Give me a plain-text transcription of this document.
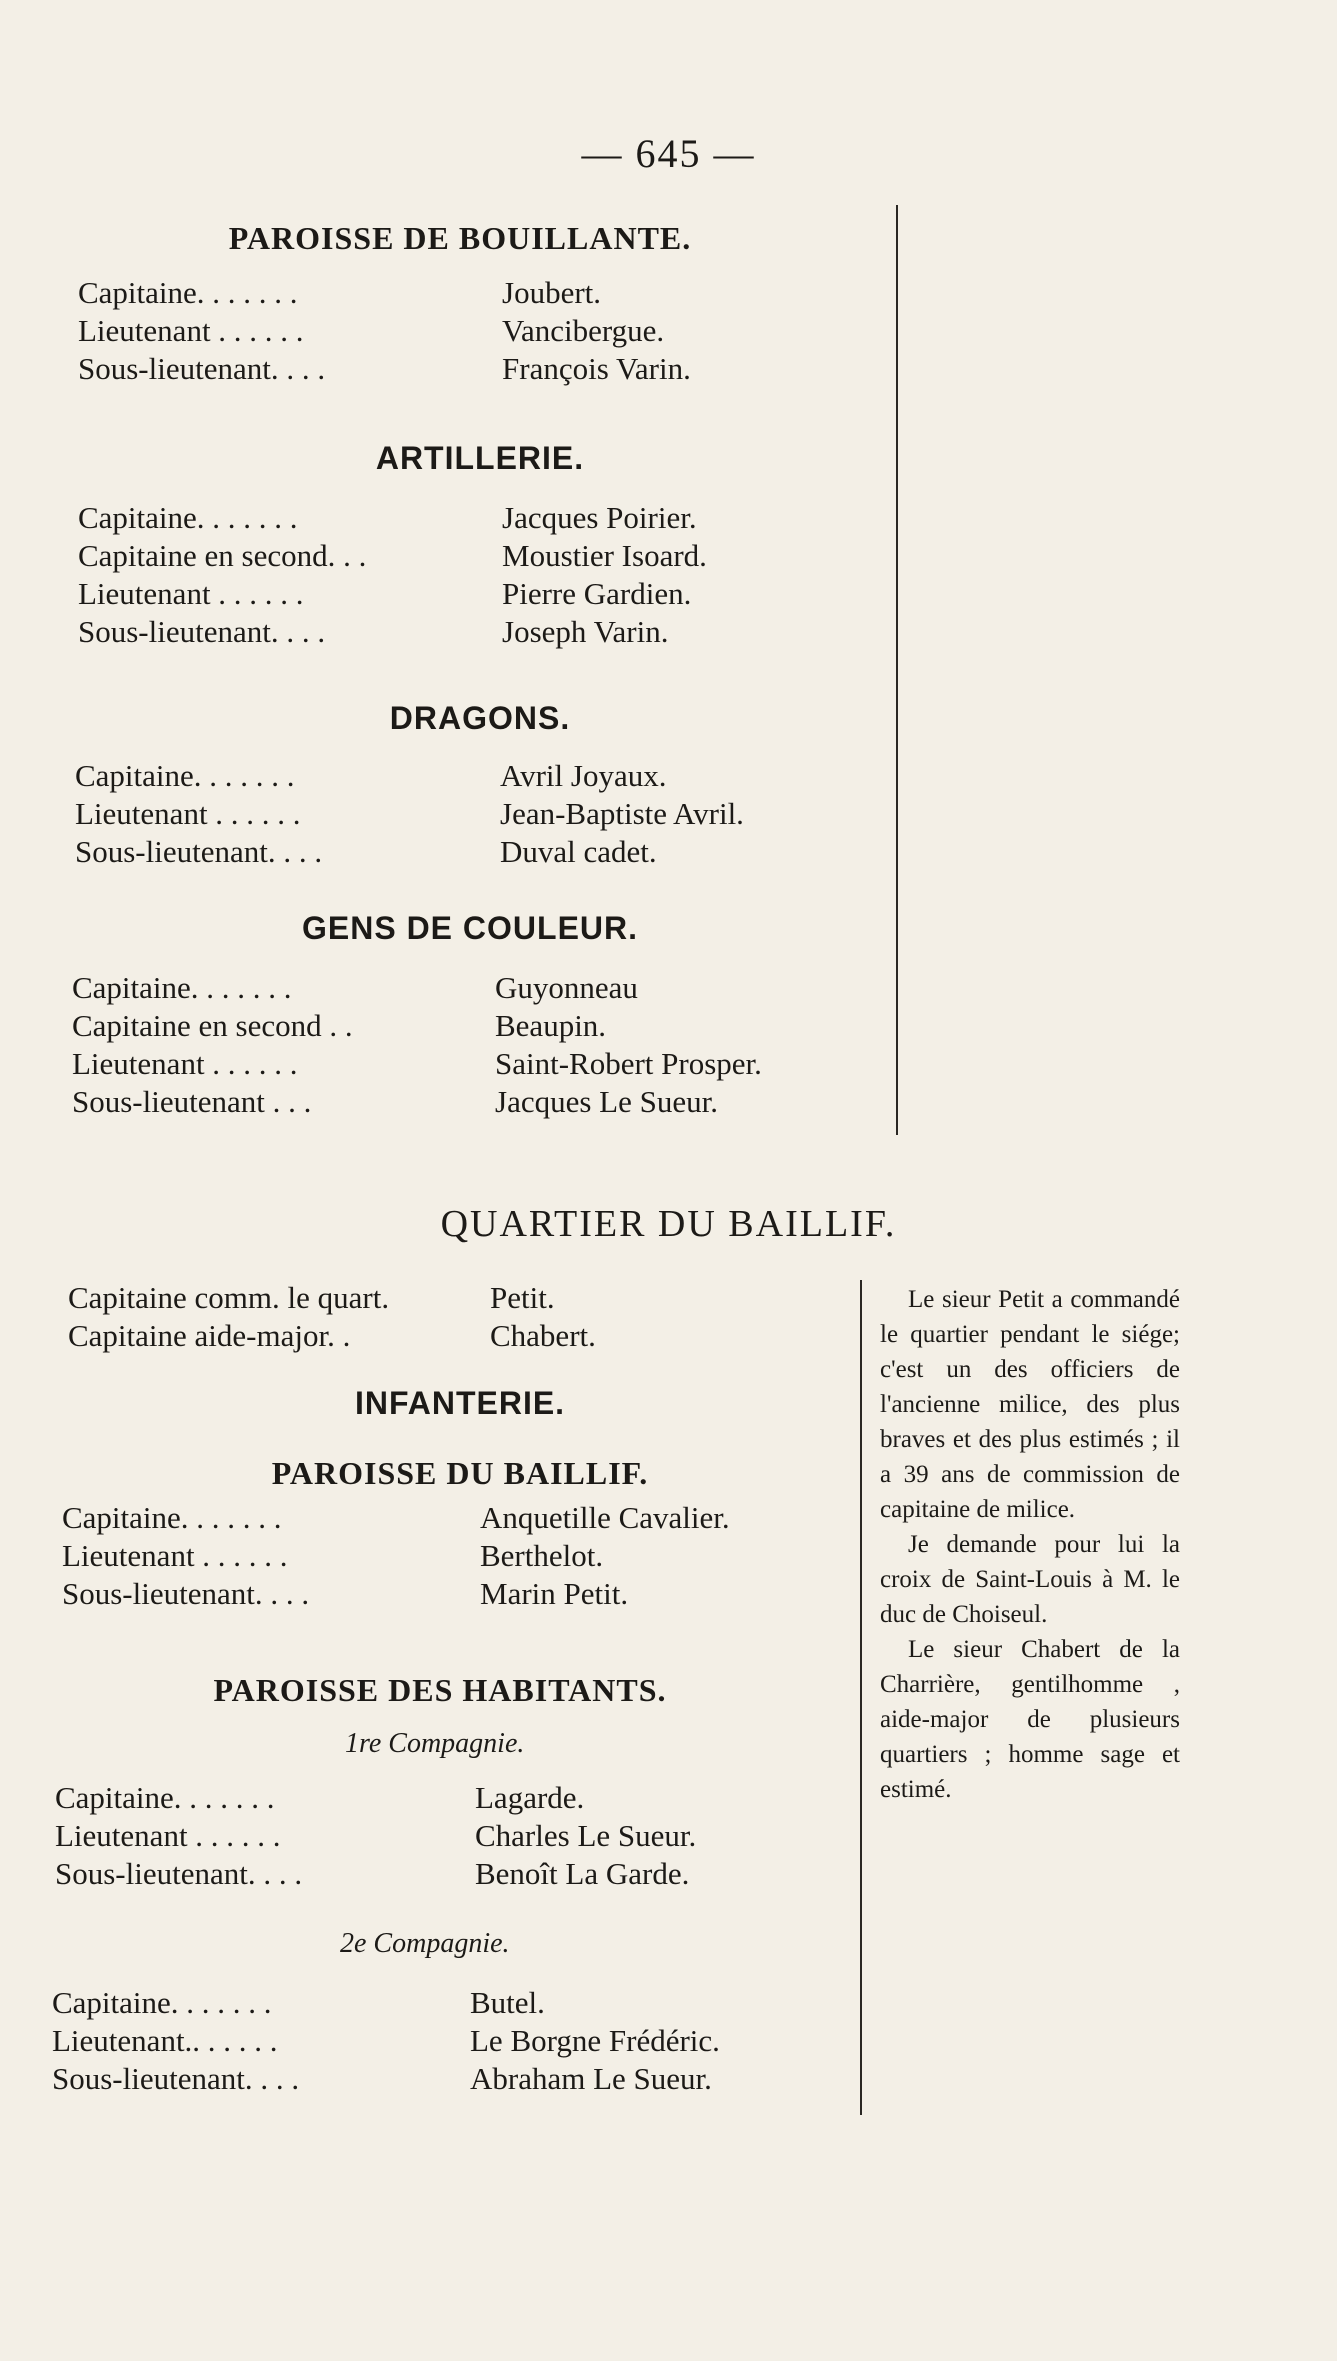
— 645 —
PAROISSE DE BOUILLANTE.
Capitaine. . . . . . .	Joubert.
Lieutenant . . . . . .	Vancibergue.
Sous-lieutenant. . . .	François Varin.
ARTILLERIE.
Capitaine. . . . . . .	Jacques Poirier.
Capitaine en second. . .	Moustier Isoard.
Lieutenant . . . . . .	Pierre Gardien.
Sous-lieutenant. . . .	Joseph Varin.
DRAGONS.
Capitaine. . . . . . .	Avril Joyaux.
Lieutenant . . . . . .	Jean-Baptiste Avril.
Sous-lieutenant. . . .	Duval cadet.
GENS DE COULEUR.
Capitaine. . . . . . .	Guyonneau
Capitaine en second . .	Beaupin.
Lieutenant . . . . . .	Saint-Robert Prosper.
Sous-lieutenant . . .	Jacques Le Sueur.
QUARTIER DU BAILLIF.
Capitaine comm. le quart.	Petit.
Capitaine aide-major. .	Chabert.
INFANTERIE.
PAROISSE DU BAILLIF.
Capitaine. . . . . . .	Anquetille Cavalier.
Lieutenant . . . . . .	Berthelot.
Sous-lieutenant. . . .	Marin Petit.
PAROISSE DES HABITANTS.
1re Compagnie.
Capitaine. . . . . . .	Lagarde.
Lieutenant . . . . . .	Charles Le Sueur.
Sous-lieutenant. . . .	Benoît La Garde.
2e Compagnie.
Capitaine. . . . . . .	Butel.
Lieutenant.. . . . . .	Le Borgne Frédéric.
Sous-lieutenant. . . .	Abraham Le Sueur.

Le sieur Petit a commandé le quartier pendant le siége; c'est un des officiers de l'ancienne milice, des plus braves et des plus estimés ; il a 39 ans de commission de capitaine de milice.

Je demande pour lui la croix de Saint-Louis à M. le duc de Choiseul.

Le sieur Chabert de la Charrière, gentilhomme , aide-major de plusieurs quartiers ; homme sage et estimé.
